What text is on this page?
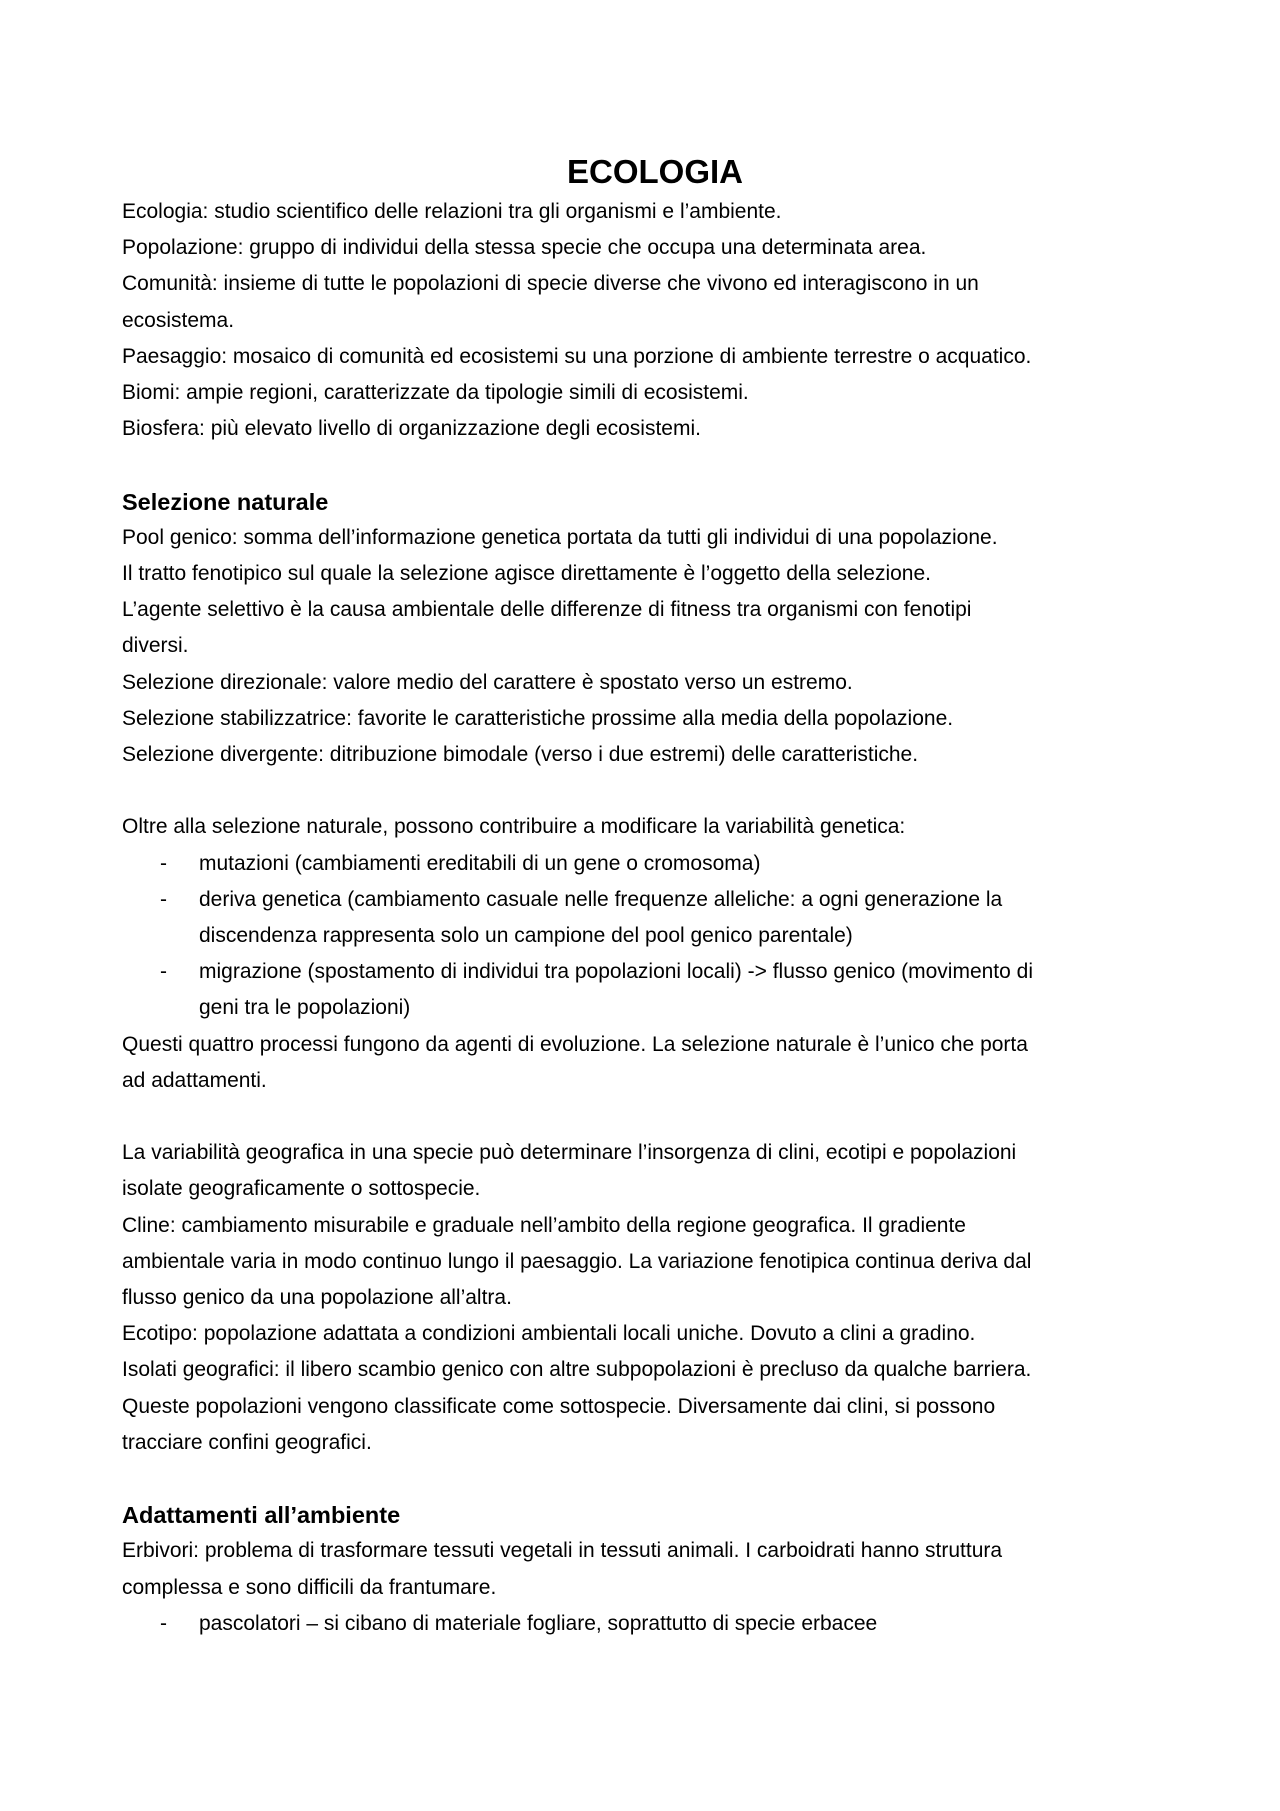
ECOLOGIA

Ecologia: studio scientifico delle relazioni tra gli organismi e l’ambiente.

Popolazione: gruppo di individui della stessa specie che occupa una determinata area.

Comunità: insieme di tutte le popolazioni di specie diverse che vivono ed interagiscono in un

ecosistema.

Paesaggio: mosaico di comunità ed ecosistemi su una porzione di ambiente terrestre o acquatico.

Biomi: ampie regioni, caratterizzate da tipologie simili di ecosistemi.

Biosfera: più elevato livello di organizzazione degli ecosistemi.

Selezione naturale

Pool genico: somma dell’informazione genetica portata da tutti gli individui di una popolazione.

Il tratto fenotipico sul quale la selezione agisce direttamente è l’oggetto della selezione.

L’agente selettivo è la causa ambientale delle differenze di fitness tra organismi con fenotipi

diversi.

Selezione direzionale: valore medio del carattere è spostato verso un estremo.

Selezione stabilizzatrice: favorite le caratteristiche prossime alla media della popolazione.

Selezione divergente: ditribuzione bimodale (verso i due estremi) delle caratteristiche.

Oltre alla selezione naturale, possono contribuire a modificare la variabilità genetica:

- mutazioni (cambiamenti ereditabili di un gene o cromosoma)

- deriva genetica (cambiamento casuale nelle frequenze alleliche: a ogni generazione la

discendenza rappresenta solo un campione del pool genico parentale)

- migrazione (spostamento di individui tra popolazioni locali) -> flusso genico (movimento di

geni tra le popolazioni)

Questi quattro processi fungono da agenti di evoluzione. La selezione naturale è l’unico che porta

ad adattamenti.

La variabilità geografica in una specie può determinare l’insorgenza di clini, ecotipi e popolazioni

isolate geograficamente o sottospecie.

Cline: cambiamento misurabile e graduale nell’ambito della regione geografica. Il gradiente

ambientale varia in modo continuo lungo il paesaggio. La variazione fenotipica continua deriva dal

flusso genico da una popolazione all’altra.

Ecotipo: popolazione adattata a condizioni ambientali locali uniche. Dovuto a clini a gradino.

Isolati geografici: il libero scambio genico con altre subpopolazioni è precluso da qualche barriera.

Queste popolazioni vengono classificate come sottospecie. Diversamente dai clini, si possono

tracciare confini geografici.

Adattamenti all’ambiente

Erbivori: problema di trasformare tessuti vegetali in tessuti animali. I carboidrati hanno struttura

complessa e sono difficili da frantumare.

- pascolatori – si cibano di materiale fogliare, soprattutto di specie erbacee
